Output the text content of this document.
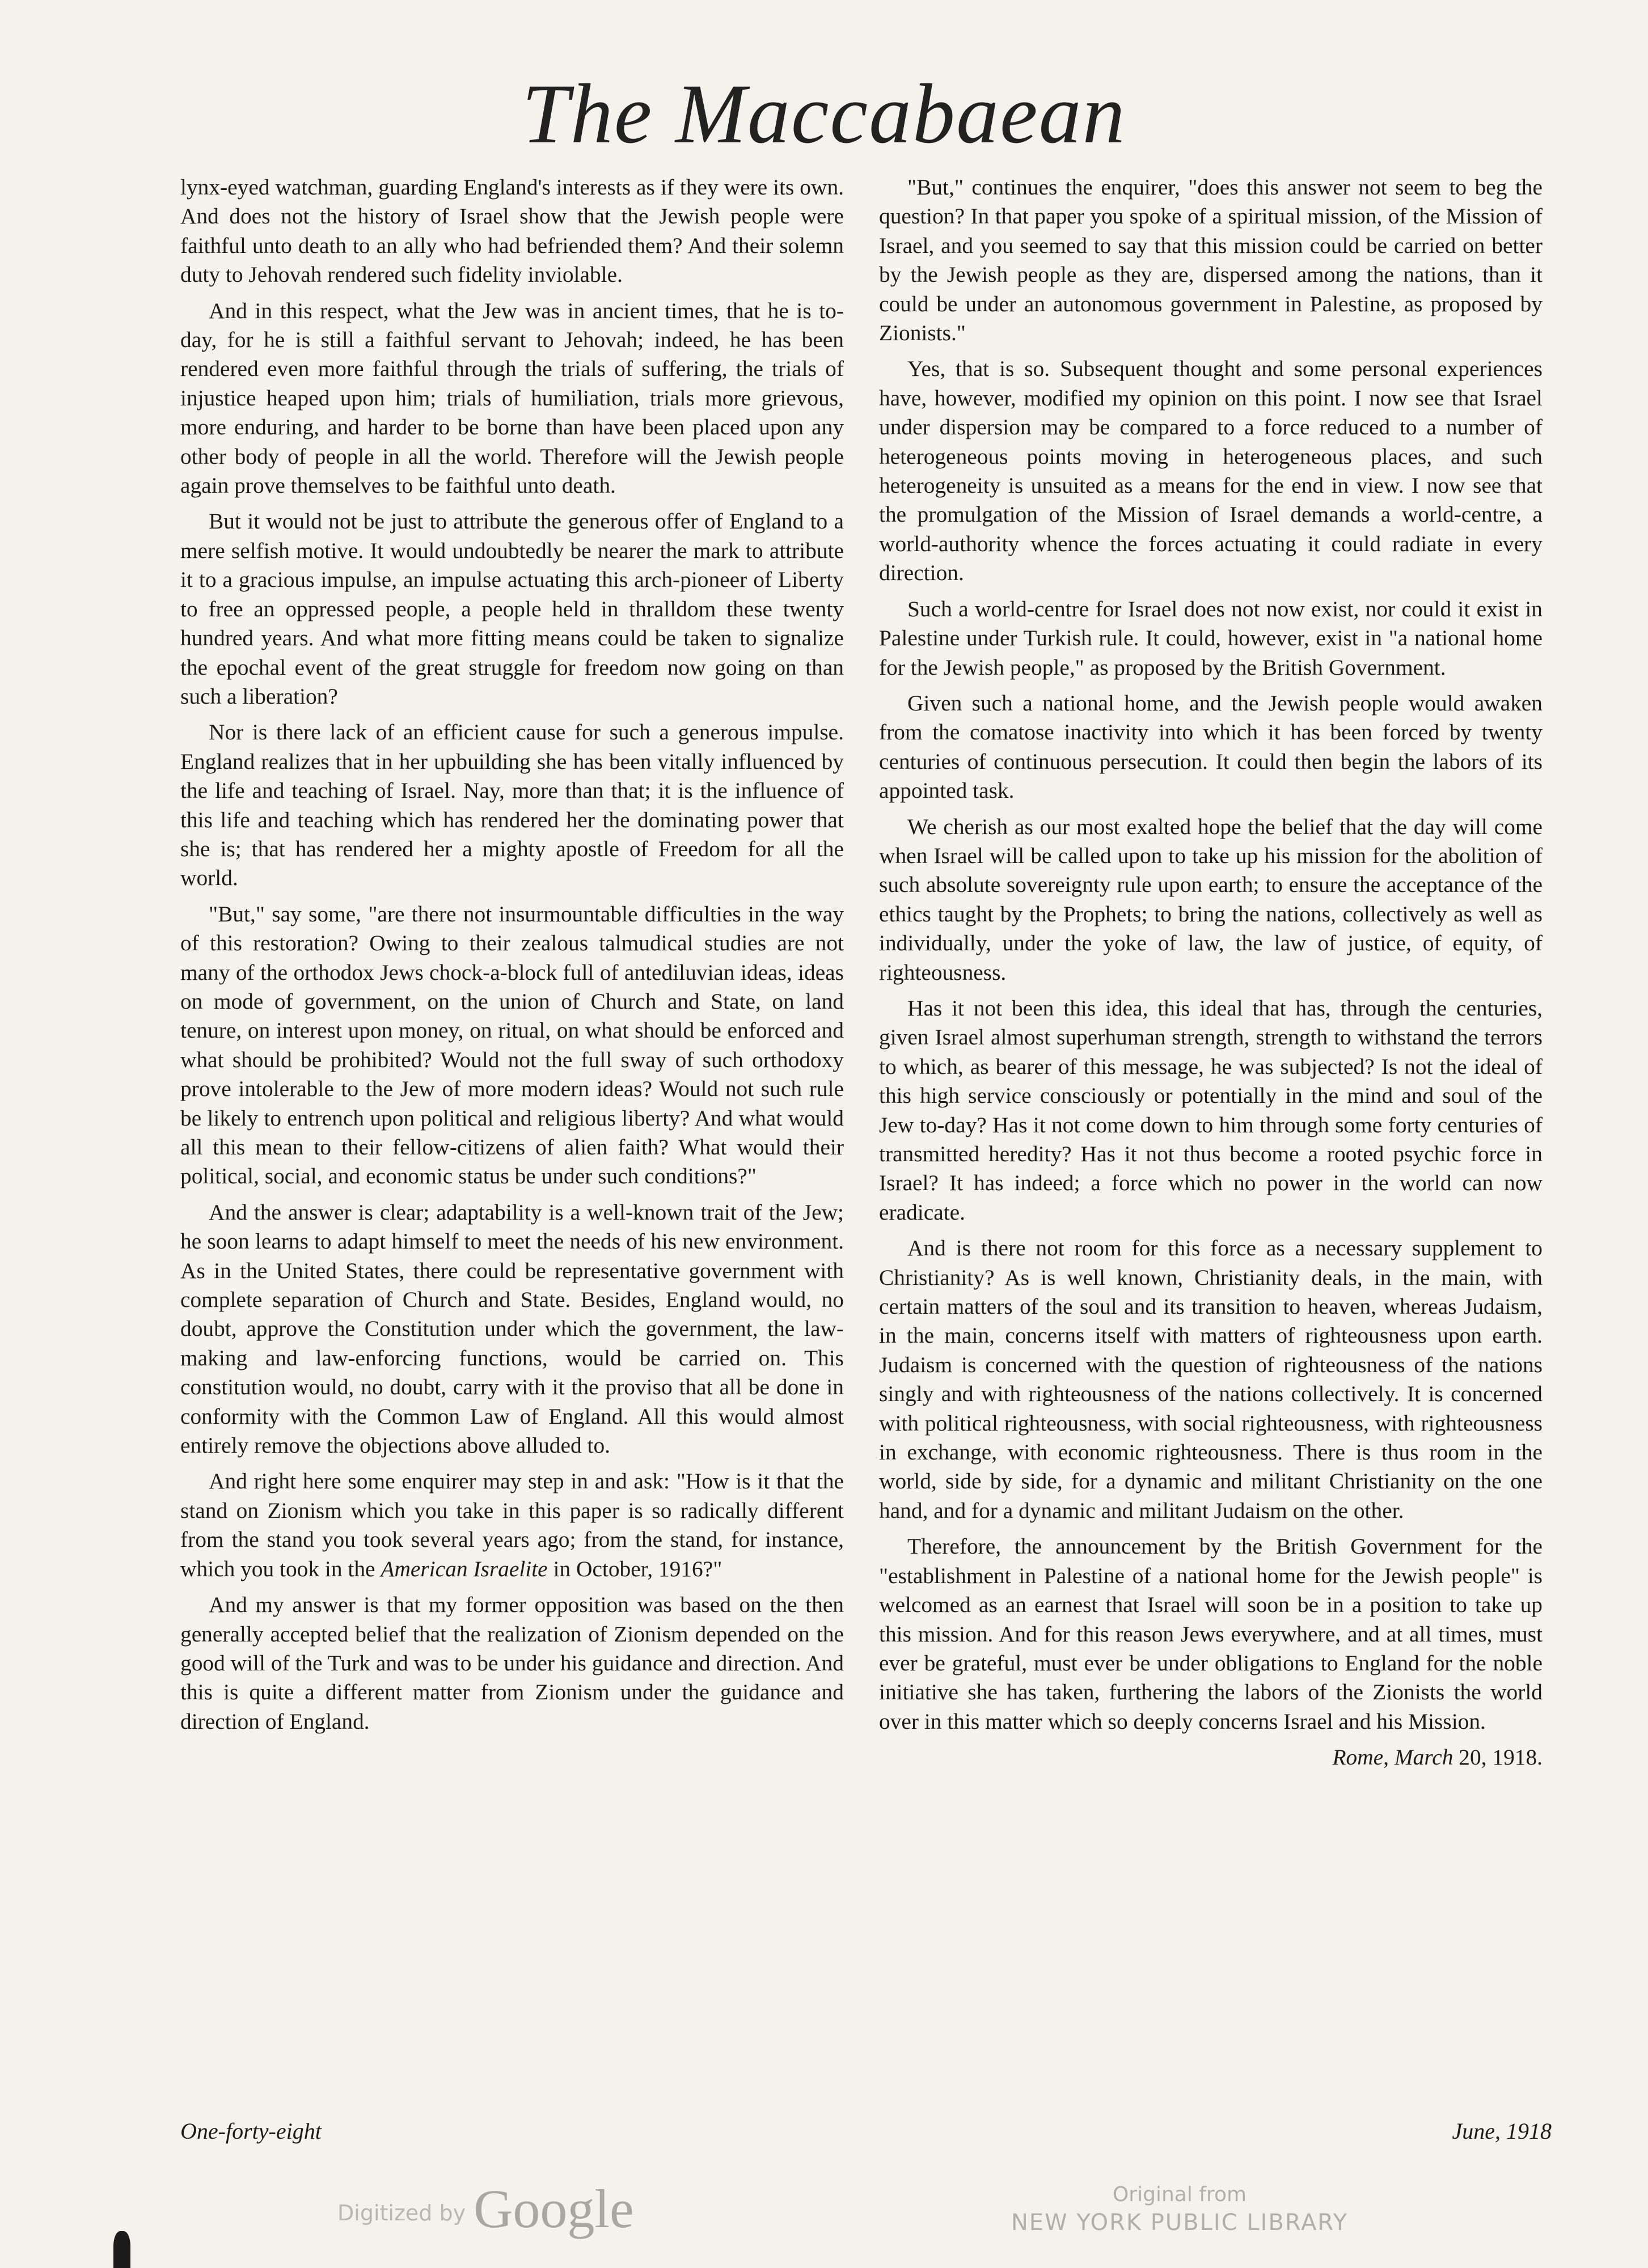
The Maccabaean

lynx-eyed watchman, guarding England's interests as if they were its own. And does not the history of Israel show that the Jewish people were faithful unto death to an ally who had befriended them? And their solemn duty to Jehovah rendered such fidelity inviolable.

And in this respect, what the Jew was in ancient times, that he is to-day, for he is still a faithful servant to Jehovah; indeed, he has been rendered even more faithful through the trials of suffering, the trials of injustice heaped upon him; trials of humiliation, trials more grievous, more enduring, and harder to be borne than have been placed upon any other body of people in all the world. Therefore will the Jewish people again prove themselves to be faithful unto death.

But it would not be just to attribute the generous offer of England to a mere selfish motive. It would undoubtedly be nearer the mark to attribute it to a gracious impulse, an impulse actuating this arch-pioneer of Liberty to free an oppressed people, a people held in thralldom these twenty hundred years. And what more fitting means could be taken to signalize the epochal event of the great struggle for freedom now going on than such a liberation?

Nor is there lack of an efficient cause for such a generous impulse. England realizes that in her upbuilding she has been vitally influenced by the life and teaching of Israel. Nay, more than that; it is the influence of this life and teaching which has rendered her the dominating power that she is; that has rendered her a mighty apostle of Freedom for all the world.

"But," say some, "are there not insurmountable difficulties in the way of this restoration? Owing to their zealous talmudical studies are not many of the orthodox Jews chock-a-block full of antediluvian ideas, ideas on mode of government, on the union of Church and State, on land tenure, on interest upon money, on ritual, on what should be enforced and what should be prohibited? Would not the full sway of such orthodoxy prove intolerable to the Jew of more modern ideas? Would not such rule be likely to entrench upon political and religious liberty? And what would all this mean to their fellow-citizens of alien faith? What would their political, social, and economic status be under such conditions?"

And the answer is clear; adaptability is a well-known trait of the Jew; he soon learns to adapt himself to meet the needs of his new environment. As in the United States, there could be representative government with complete separation of Church and State. Besides, England would, no doubt, approve the Constitution under which the government, the law-making and law-enforcing functions, would be carried on. This constitution would, no doubt, carry with it the proviso that all be done in conformity with the Common Law of England. All this would almost entirely remove the objections above alluded to.

And right here some enquirer may step in and ask: "How is it that the stand on Zionism which you take in this paper is so radically different from the stand you took several years ago; from the stand, for instance, which you took in the American Israelite in October, 1916?"

And my answer is that my former opposition was based on the then generally accepted belief that the realization of Zionism depended on the good will of the Turk and was to be under his guidance and direction. And this is quite a different matter from Zionism under the guidance and direction of England.

"But," continues the enquirer, "does this answer not seem to beg the question? In that paper you spoke of a spiritual mission, of the Mission of Israel, and you seemed to say that this mission could be carried on better by the Jewish people as they are, dispersed among the nations, than it could be under an autonomous government in Palestine, as proposed by Zionists."

Yes, that is so. Subsequent thought and some personal experiences have, however, modified my opinion on this point. I now see that Israel under dispersion may be compared to a force reduced to a number of heterogeneous points moving in heterogeneous places, and such heterogeneity is unsuited as a means for the end in view. I now see that the promulgation of the Mission of Israel demands a world-centre, a world-authority whence the forces actuating it could radiate in every direction.

Such a world-centre for Israel does not now exist, nor could it exist in Palestine under Turkish rule. It could, however, exist in "a national home for the Jewish people," as proposed by the British Government.

Given such a national home, and the Jewish people would awaken from the comatose inactivity into which it has been forced by twenty centuries of continuous persecution. It could then begin the labors of its appointed task.

We cherish as our most exalted hope the belief that the day will come when Israel will be called upon to take up his mission for the abolition of such absolute sovereignty rule upon earth; to ensure the acceptance of the ethics taught by the Prophets; to bring the nations, collectively as well as individually, under the yoke of law, the law of justice, of equity, of righteousness.

Has it not been this idea, this ideal that has, through the centuries, given Israel almost superhuman strength, strength to withstand the terrors to which, as bearer of this message, he was subjected? Is not the ideal of this high service consciously or potentially in the mind and soul of the Jew to-day? Has it not come down to him through some forty centuries of transmitted heredity? Has it not thus become a rooted psychic force in Israel? It has indeed; a force which no power in the world can now eradicate.

And is there not room for this force as a necessary supplement to Christianity? As is well known, Christianity deals, in the main, with certain matters of the soul and its transition to heaven, whereas Judaism, in the main, concerns itself with matters of righteousness upon earth. Judaism is concerned with the question of righteousness of the nations singly and with righteousness of the nations collectively. It is concerned with political righteousness, with social righteousness, with righteousness in exchange, with economic righteousness. There is thus room in the world, side by side, for a dynamic and militant Christianity on the one hand, and for a dynamic and militant Judaism on the other.

Therefore, the announcement by the British Government for the "establishment in Palestine of a national home for the Jewish people" is welcomed as an earnest that Israel will soon be in a position to take up this mission. And for this reason Jews everywhere, and at all times, must ever be grateful, must ever be under obligations to England for the noble initiative she has taken, furthering the labors of the Zionists the world over in this matter which so deeply concerns Israel and his Mission.

Rome, March 20, 1918.
One-forty-eight	June, 1918
Digitized by Google	Original from
NEW YORK PUBLIC LIBRARY
